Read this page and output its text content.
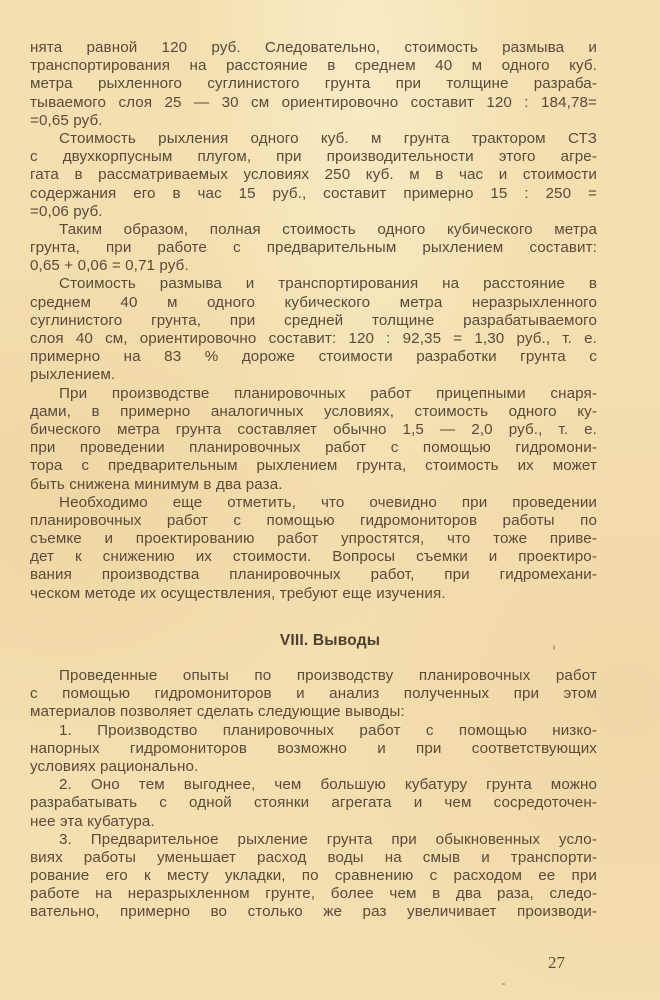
нята равной 120 руб. Следовательно, стоимость размыва и
транспортирования на расстояние в среднем 40 м одного куб.
метра рыхленного суглинистого грунта при толщине разраба-
тываемого слоя 25 — 30 см ориентировочно составит 120 : 184,78=
=0,65 руб.
Стоимость рыхления одного куб. м грунта трактором СТЗ
с двухкорпусным плугом, при производительности этого агре-
гата в рассматриваемых условиях 250 куб. м в час и стоимости
содержания его в час 15 руб., составит примерно 15 : 250 =
=0,06 руб.
Таким образом, полная стоимость одного кубического метра
грунта, при работе с предварительным рыхлением составит:
0,65 + 0,06 = 0,71 руб.
Стоимость размыва и транспортирования на расстояние в
среднем 40 м одного кубического метра неразрыхленного
суглинистого грунта, при средней толщине разрабатываемого
слоя 40 см, ориентировочно составит: 120 : 92,35 = 1,30 руб., т. е.
примерно на 83 % дороже стоимости разработки грунта с
рыхлением.
При производстве планировочных работ прицепными снаря-
дами, в примерно аналогичных условиях, стоимость одного ку-
бического метра грунта составляет обычно 1,5 — 2,0 руб., т. е.
при проведении планировочных работ с помощью гидромони-
тора с предварительным рыхлением грунта, стоимость их может
быть снижена минимум в два раза.
Необходимо еще отметить, что очевидно при проведении
планировочных работ с помощью гидромониторов работы по
съемке и проектированию работ упростятся, что тоже приве-
дет к снижению их стоимости. Вопросы съемки и проектиро-
вания производства планировочных работ, при гидромехани-
ческом методе их осуществления, требуют еще изучения.
VIII. Выводы
Проведенные опыты по производству планировочных работ
с помощью гидромониторов и анализ полученных при этом
материалов позволяет сделать следующие выводы:
1. Производство планировочных работ с помощью низко-
напорных гидромониторов возможно и при соответствующих
условиях рационально.
2. Оно тем выгоднее, чем большую кубатуру грунта можно
разрабатывать с одной стоянки агрегата и чем сосредоточен-
нее эта кубатура.
3. Предварительное рыхление грунта при обыкновенных усло-
виях работы уменьшает расход воды на смыв и транспорти-
рование его к месту укладки, по сравнению с расходом ее при
работе на неразрыхленном грунте, более чем в два раза, следо-
вательно, примерно во столько же раз увеличивает производи-
27
